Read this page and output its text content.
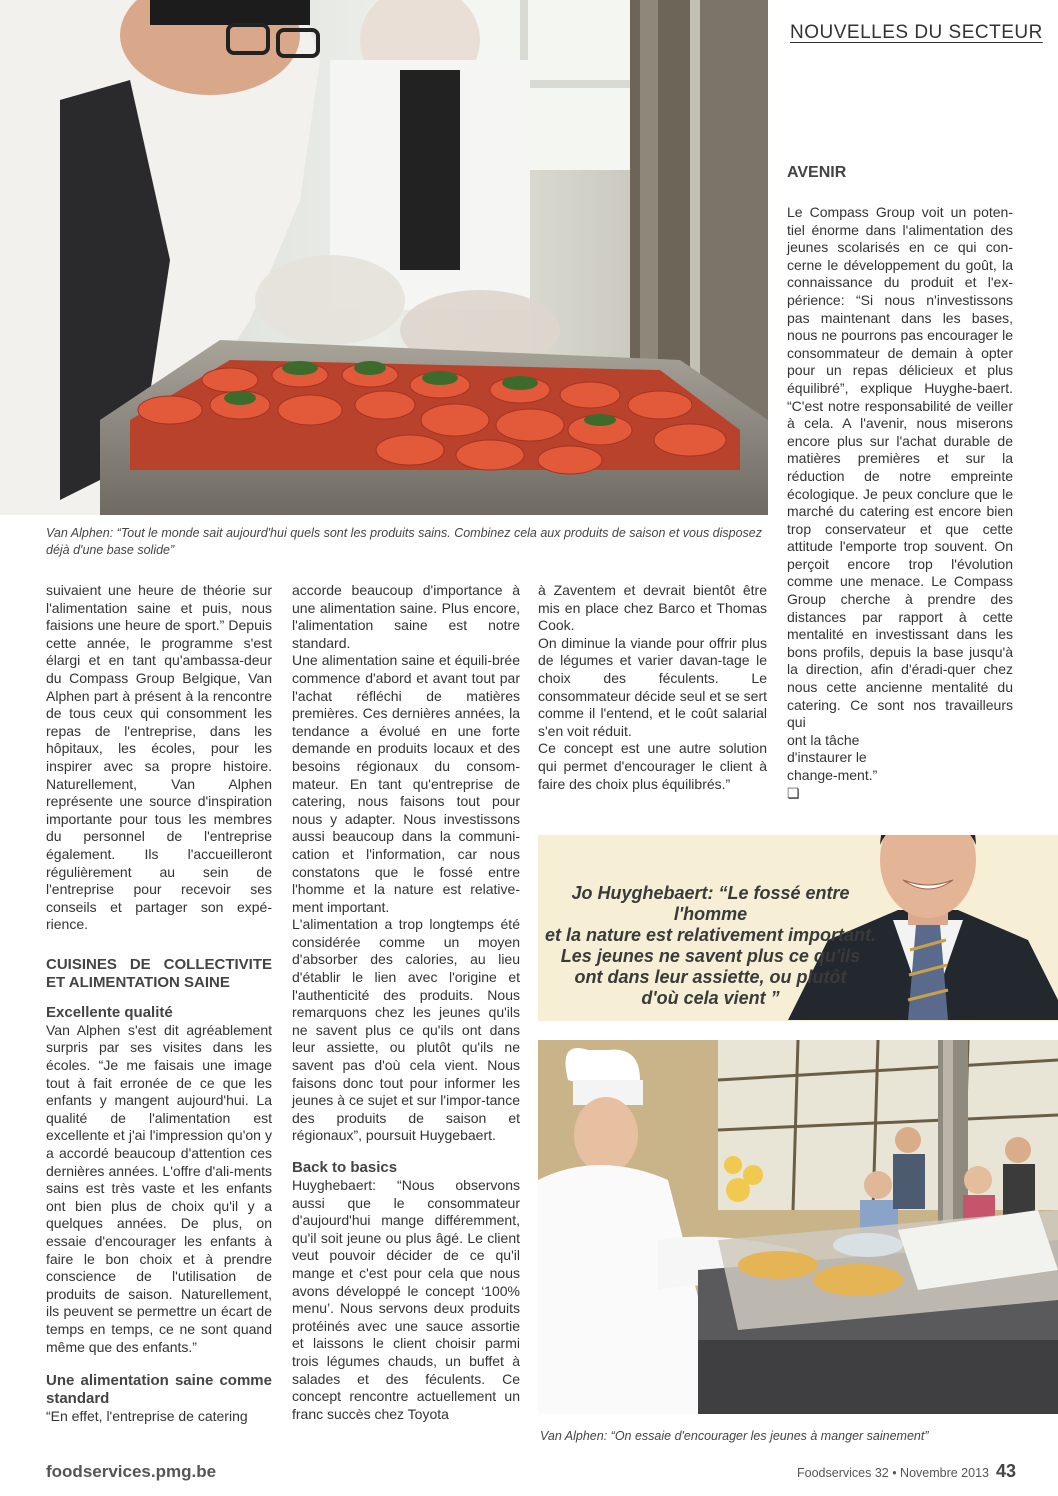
NOUVELLES DU SECTEUR
Van Alphen: “Tout le monde sait aujourd'hui quels sont les produits sains. Combinez cela aux produits de saison et vous disposez déjà d'une base solide”

suivaient une heure de théorie sur l'alimentation saine et puis, nous faisions une heure de sport.” Depuis cette année, le programme s'est élargi et en tant qu'ambassa-deur du Compass Group Belgique, Van Alphen part à présent à la rencontre de tous ceux qui consomment les repas de l'entreprise, dans les hôpitaux, les écoles, pour les inspirer avec sa propre histoire. Naturellement, Van Alphen représente une source d'inspiration importante pour tous les membres du personnel de l'entreprise également. Ils l'accueilleront régulièrement au sein de l'entreprise pour recevoir ses conseils et partager son expé-rience.

CUISINES DE COLLECTIVITE ET ALIMENTATION SAINE
Excellente qualité

Van Alphen s'est dit agréablement surpris par ses visites dans les écoles. “Je me faisais une image tout à fait erronée de ce que les enfants y mangent aujourd'hui. La qualité de l'alimentation est excellente et j'ai l'impression qu'on y a accordé beaucoup d'attention ces dernières années. L'offre d'ali-ments sains est très vaste et les enfants ont bien plus de choix qu'il y a quelques années. De plus, on essaie d'encourager les enfants à faire le bon choix et à prendre conscience de l'utilisation de produits de saison. Naturellement, ils peuvent se permettre un écart de temps en temps, ce ne sont quand même que des enfants.”

Une alimentation saine comme standard

“En effet, l'entreprise de catering

accorde beaucoup d'importance à une alimentation saine. Plus encore, l'alimentation saine est notre standard.

Une alimentation saine et équili-brée commence d'abord et avant tout par l'achat réfléchi de matières premières. Ces dernières années, la tendance a évolué en une forte demande en produits locaux et des besoins régionaux du consom-mateur. En tant qu'entreprise de catering, nous faisons tout pour nous y adapter. Nous investissons aussi beaucoup dans la communi-cation et l'information, car nous constatons que le fossé entre l'homme et la nature est relative-ment important.

L'alimentation a trop longtemps été considérée comme un moyen d'absorber des calories, au lieu d'établir le lien avec l'origine et l'authenticité des produits. Nous remarquons chez les jeunes qu'ils ne savent plus ce qu'ils ont dans leur assiette, ou plutôt qu'ils ne savent pas d'où cela vient. Nous faisons donc tout pour informer les jeunes à ce sujet et sur l'impor-tance des produits de saison et régionaux”, poursuit Huygebaert.

Back to basics

Huyghebaert: “Nous observons aussi que le consommateur d'aujourd'hui mange différemment, qu'il soit jeune ou plus âgé. Le client veut pouvoir décider de ce qu'il mange et c'est pour cela que nous avons développé le concept ‘100% menu’. Nous servons deux produits protéinés avec une sauce assortie et laissons le client choisir parmi trois légumes chauds, un buffet à salades et des féculents. Ce concept rencontre actuellement un franc succès chez Toyota

à Zaventem et devrait bientôt être mis en place chez Barco et Thomas Cook.

On diminue la viande pour offrir plus de légumes et varier davan-tage le choix des féculents. Le consommateur décide seul et se sert comme il l'entend, et le coût salarial s'en voit réduit.

Ce concept est une autre solution qui permet d'encourager le client à faire des choix plus équilibrés.”

AVENIR

Le Compass Group voit un poten-tiel énorme dans l'alimentation des jeunes scolarisés en ce qui con-cerne le développement du goût, la connaissance du produit et l'ex-périence: “Si nous n'investissons pas maintenant dans les bases, nous ne pourrons pas encourager le consommateur de demain à opter pour un repas délicieux et plus équilibré”, explique Huyghe-baert. “C'est notre responsabilité de veiller à cela. A l'avenir, nous miserons encore plus sur l'achat durable de matières premières et sur la réduction de notre empreinte écologique. Je peux conclure que le marché du catering est encore bien trop conservateur et que cette attitude l'emporte trop souvent. On perçoit encore trop l'évolution comme une menace. Le Compass Group cherche à prendre des distances par rapport à cette mentalité en investissant dans les bons profils, depuis la base jusqu'à la direction, afin d'éradi-quer chez nous cette ancienne mentalité du catering. Ce sont nos travailleurs qui

ont la tâche d'instaurer le change-ment.” ❏

Jo Huyghebaert: “Le fossé entre l'homme
et la nature est relativement important.
Les jeunes ne savent plus ce qu'ils
ont dans leur assiette, ou plutôt
d'où cela vient ”
Van Alphen: “On essaie d'encourager les jeunes à manger sainement”
foodservices.pmg.be	Foodservices 32 • Novembre 2013 43
